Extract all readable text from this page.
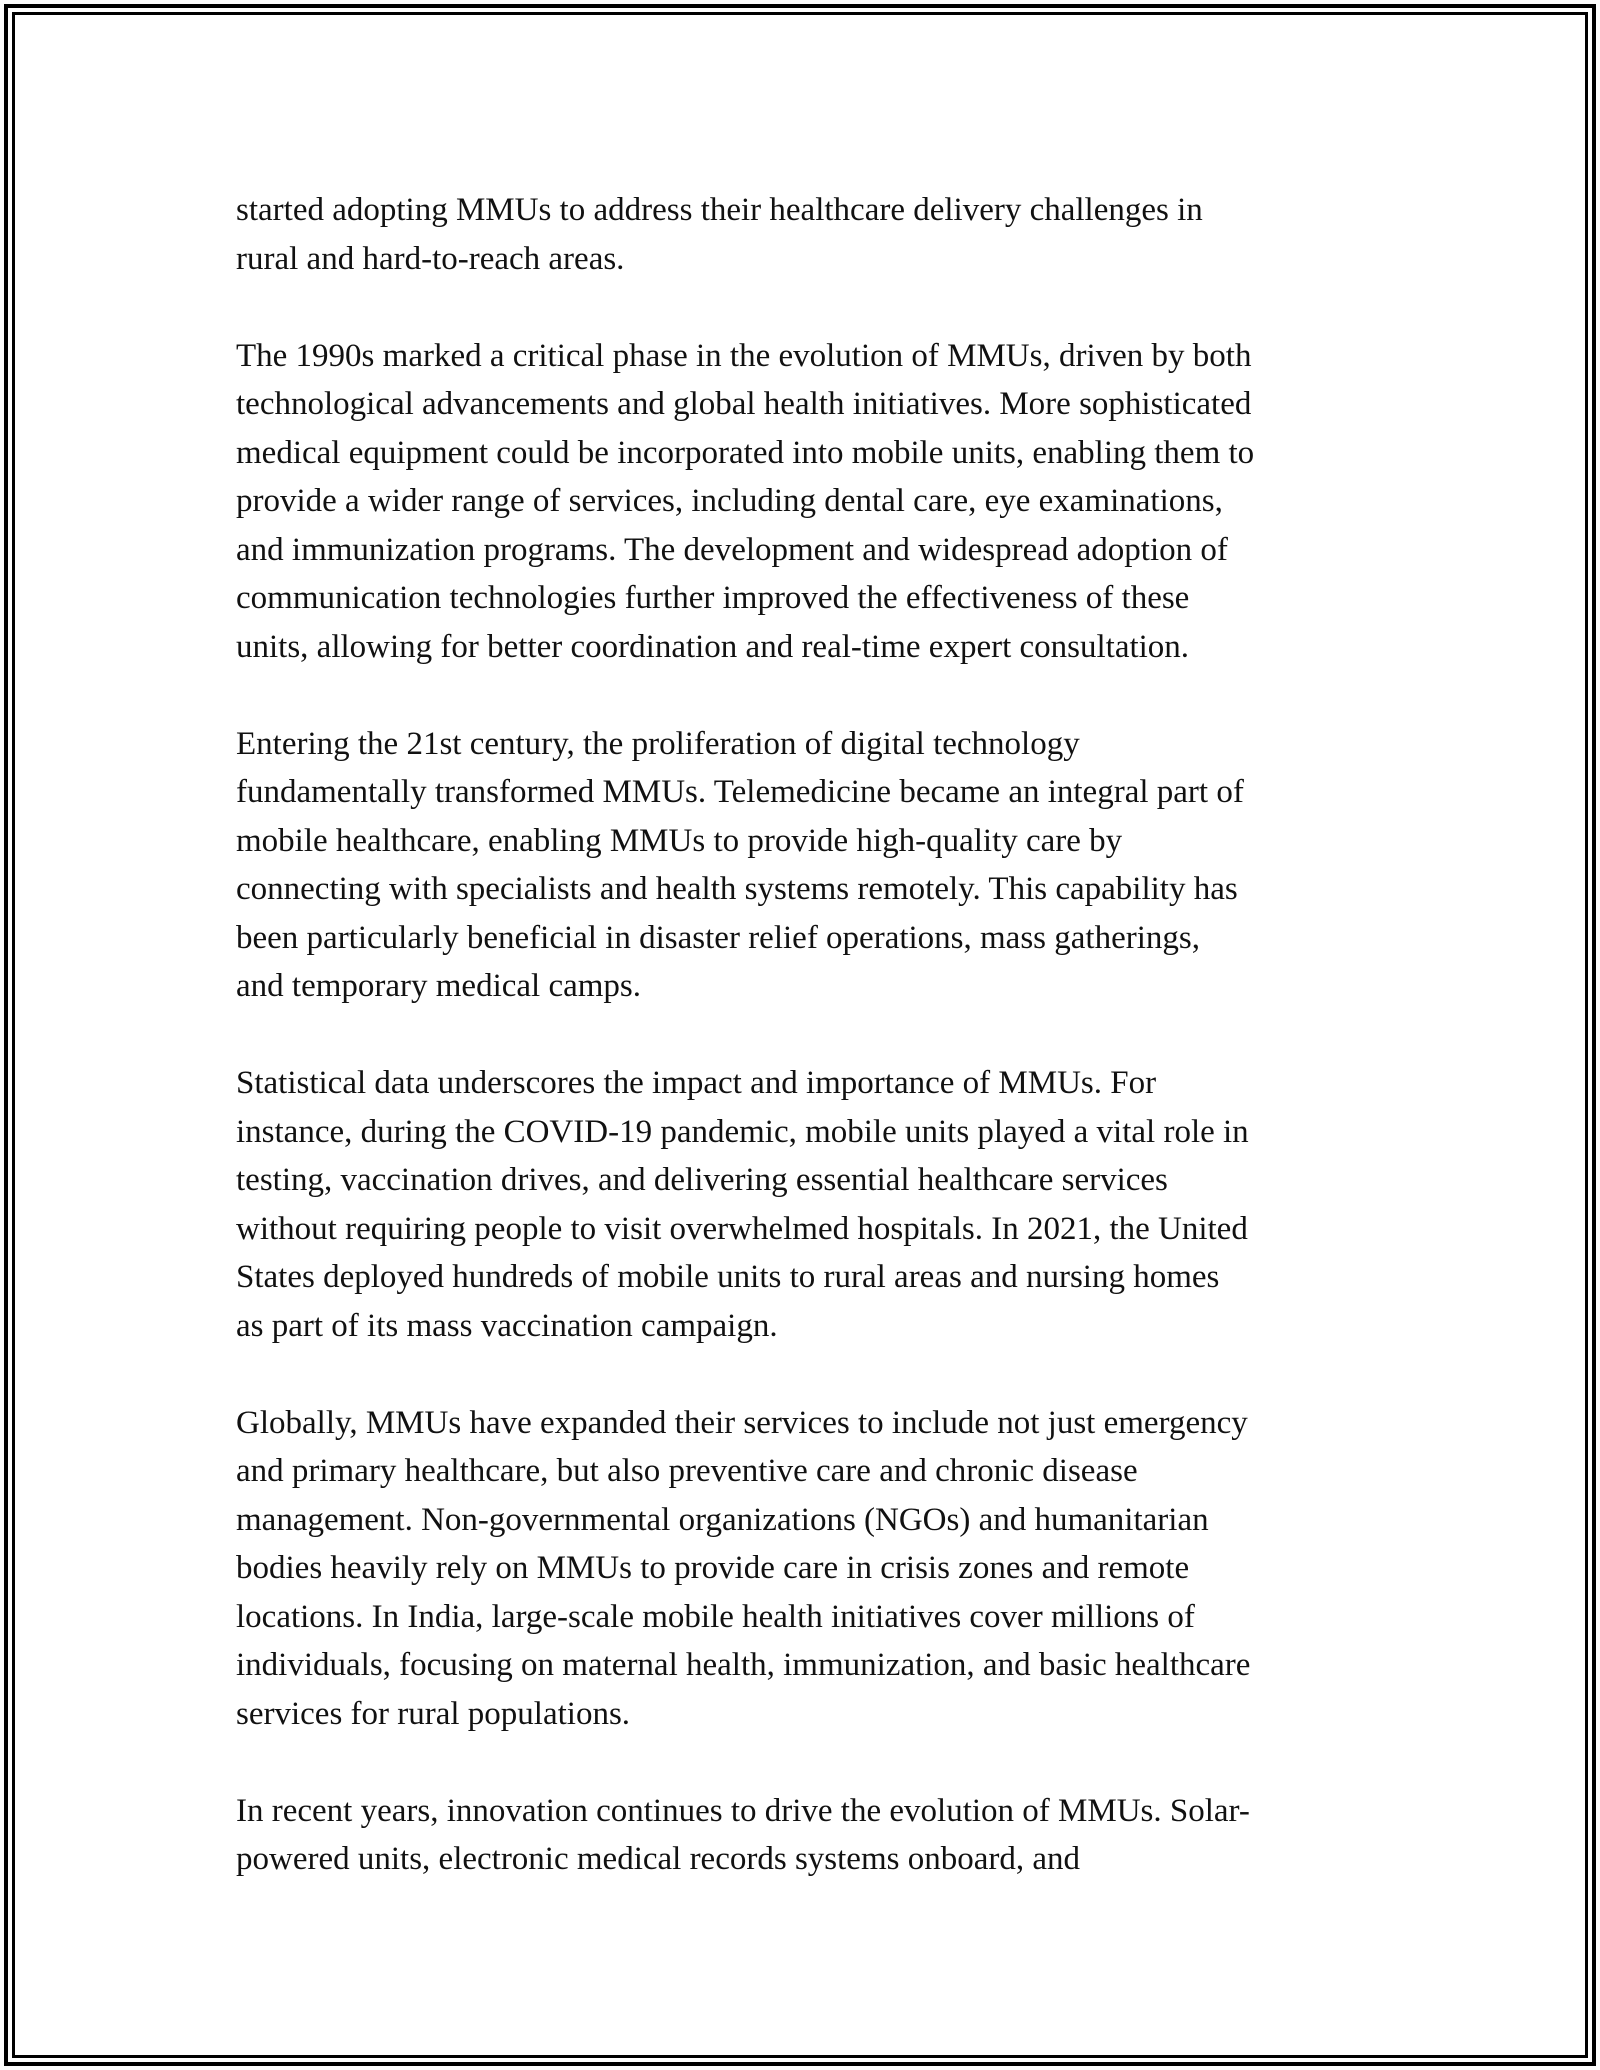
started adopting MMUs to address their healthcare delivery challenges in
rural and hard-to-reach areas.

The 1990s marked a critical phase in the evolution of MMUs, driven by both
technological advancements and global health initiatives. More sophisticated
medical equipment could be incorporated into mobile units, enabling them to
provide a wider range of services, including dental care, eye examinations,
and immunization programs. The development and widespread adoption of
communication technologies further improved the effectiveness of these
units, allowing for better coordination and real-time expert consultation.

Entering the 21st century, the proliferation of digital technology
fundamentally transformed MMUs. Telemedicine became an integral part of
mobile healthcare, enabling MMUs to provide high-quality care by
connecting with specialists and health systems remotely. This capability has
been particularly beneficial in disaster relief operations, mass gatherings,
and temporary medical camps.

Statistical data underscores the impact and importance of MMUs. For
instance, during the COVID-19 pandemic, mobile units played a vital role in
testing, vaccination drives, and delivering essential healthcare services
without requiring people to visit overwhelmed hospitals. In 2021, the United
States deployed hundreds of mobile units to rural areas and nursing homes
as part of its mass vaccination campaign.

Globally, MMUs have expanded their services to include not just emergency
and primary healthcare, but also preventive care and chronic disease
management. Non-governmental organizations (NGOs) and humanitarian
bodies heavily rely on MMUs to provide care in crisis zones and remote
locations. In India, large-scale mobile health initiatives cover millions of
individuals, focusing on maternal health, immunization, and basic healthcare
services for rural populations.

In recent years, innovation continues to drive the evolution of MMUs. Solar-
powered units, electronic medical records systems onboard, and
